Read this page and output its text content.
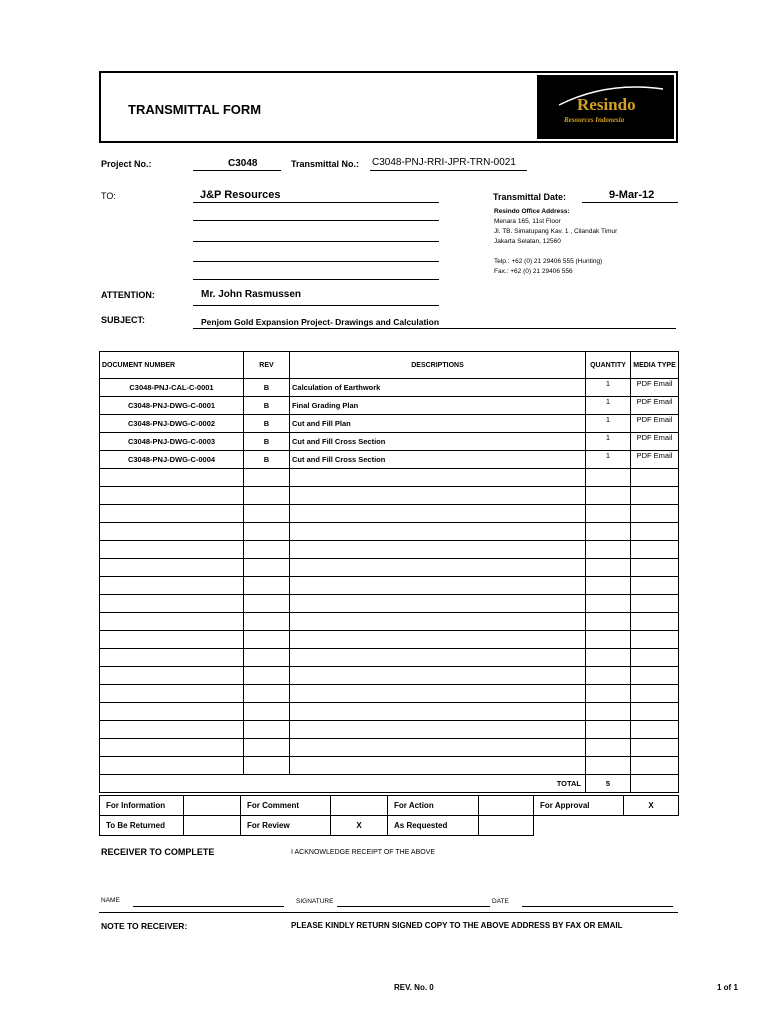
TRANSMITTAL FORM	Resindo
Resources Indonesia
Project No.:	C3048	Transmittal No.: C3048-PNJ-RRI-JPR-TRN-0021
TO:	J&P Resources	Transmittal Date:	9-Mar-12
Resindo Office Address:
Menara 165, 11st Floor
Jl. TB. Simatupang Kav. 1 , Cilandak Timur
Jakarta Selatan, 12560
Telp.: +62 (0) 21 29406 555 (Hunting)
Fax.: +62 (0) 21 29406 556
ATTENTION:	Mr. John Rasmussen
SUBJECT:	Penjom Gold Expansion Project- Drawings and Calculation
DOCUMENT NUMBER	REV	DESCRIPTIONS	QUANTITY	MEDIA TYPE
C3048-PNJ-CAL-C-0001	B	Calculation of Earthwork	1	PDF Email
C3048-PNJ-DWG-C-0001	B	Final Grading Plan	1	PDF Email
C3048-PNJ-DWG-C-0002	B	Cut and Fill Plan	1	PDF Email
C3048-PNJ-DWG-C-0003	B	Cut and Fill Cross Section	1	PDF Email
C3048-PNJ-DWG-C-0004	B	Cut and Fill Cross Section	1	PDF Email

TOTAL			5	
For Information		For Comment		For Action		For Approval	X
To Be Returned		For Review	X	As Requested			
RECEIVER TO COMPLETE	I ACKNOWLEDGE RECEIPT OF THE ABOVE
NAME	SIGNATURE	DATE
NOTE TO RECEIVER:	PLEASE KINDLY RETURN SIGNED COPY TO THE ABOVE ADDRESS BY FAX OR EMAIL
REV. No. 0	1 of 1
